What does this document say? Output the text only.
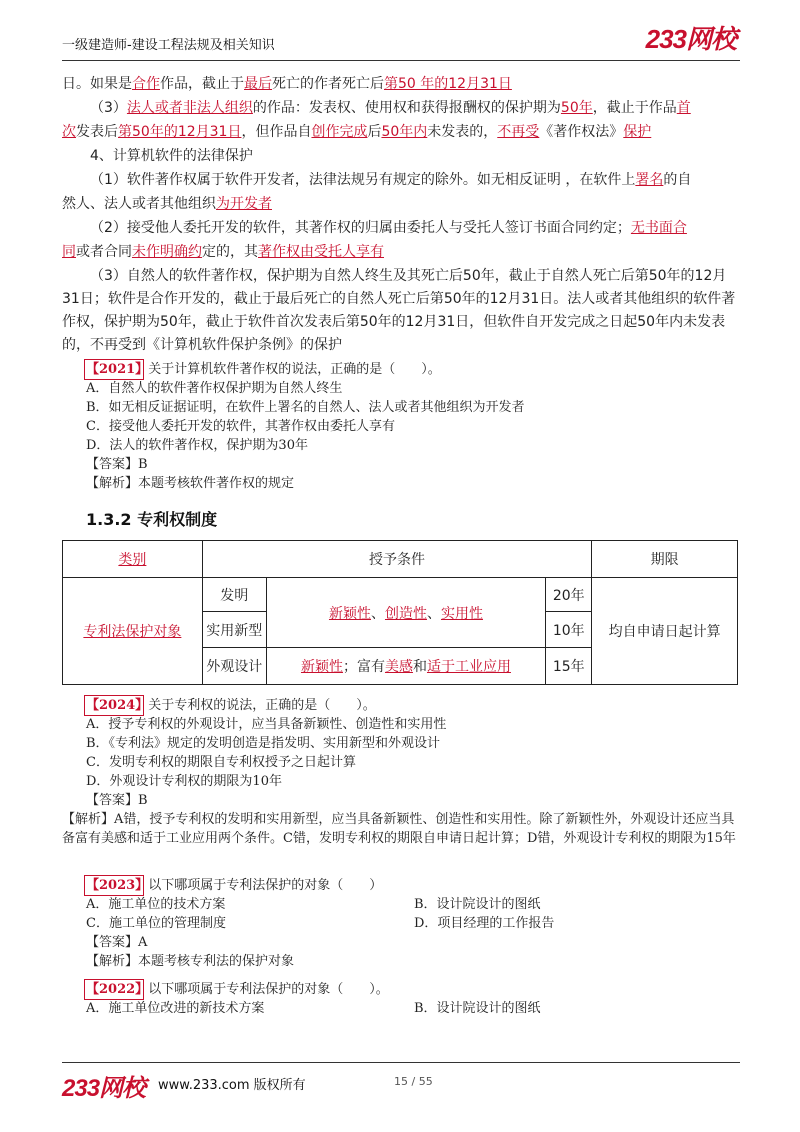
一级建造师-建设工程法规及相关知识	233网校
日。如果是合作作品，截止于最后死亡的作者死亡后第50 年的12月31日
（3）法人或者非法人组织的作品：发表权、使用权和获得报酬权的保护期为50年，截止于作品首
次发表后第50年的12月31日，但作品自创作完成后50年内未发表的，不再受《著作权法》保护
4、计算机软件的法律保护
（1）软件著作权属于软件开发者，法律法规另有规定的除外。如无相反证明 ，在软件上署名的自
然人、法人或者其他组织为开发者
（2）接受他人委托开发的软件，其著作权的归属由委托人与受托人签订书面合同约定；无书面合
同或者合同未作明确约定的，其著作权由受托人享有
（3）自然人的软件著作权，保护期为自然人终生及其死亡后50年，截止于自然人死亡后第50年的12月31日；软件是合作开发的，截止于最后死亡的自然人死亡后第50年的12月31日。法人或者其他组织的软件著作权，保护期为50年，截止于软件首次发表后第50年的12月31日，但软件自开发完成之日起50年内未发表的，不再受到《计算机软件保护条例》的保护
【2021】关于计算机软件著作权的说法，正确的是（　　）。
A．自然人的软件著作权保护期为自然人终生
B．如无相反证据证明，在软件上署名的自然人、法人或者其他组织为开发者
C．接受他人委托开发的软件，其著作权由委托人享有
D．法人的软件著作权，保护期为30年
【答案】B
【解析】本题考核软件著作权的规定
1.3.2 专利权制度
类别	授予条件			期限
专利法保护对象	发明	新颖性、创造性、实用性	20年	均自申请日起计算
	实用新型		10年	
	外观设计	新颖性；富有美感和适于工业应用	15年	
【2024】关于专利权的说法，正确的是（　　）。
A．授予专利权的外观设计，应当具备新颖性、创造性和实用性
B．《专利法》规定的发明创造是指发明、实用新型和外观设计
C．发明专利权的期限自专利权授予之日起计算
D．外观设计专利权的期限为10年
【答案】B
【解析】A错，授予专利权的发明和实用新型，应当具备新颖性、创造性和实用性。除了新颖性外，外观设计还应当具备富有美感和适于工业应用两个条件。C错，发明专利权的期限自申请日起计算；D错，外观设计专利权的期限为15年
【2023】以下哪项属于专利法保护的对象（　　）
A．施工单位的技术方案	B．设计院设计的图纸
C．施工单位的管理制度	D．项目经理的工作报告
【答案】A
【解析】本题考核专利法的保护对象
【2022】以下哪项属于专利法保护的对象（　　）。
A．施工单位改进的新技术方案	B．设计院设计的图纸
233网校 www.233.com 版权所有	15 / 55
